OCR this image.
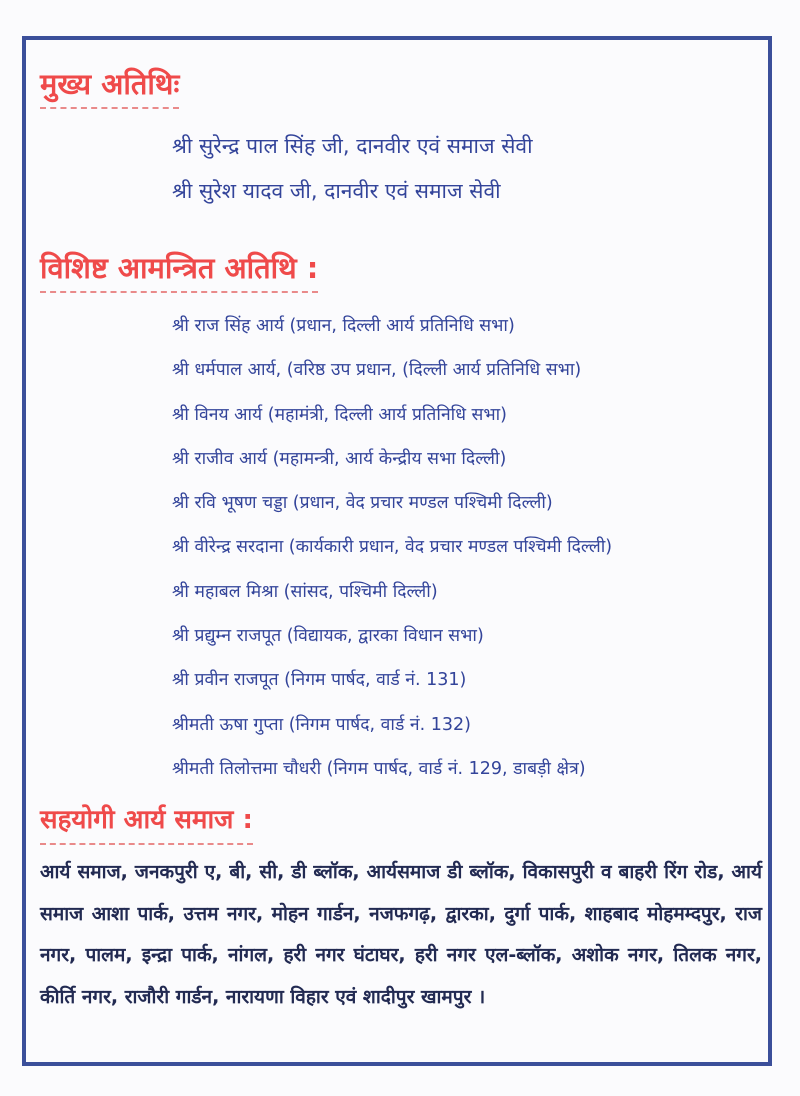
मुख्य अतिथिः
श्री सुरेन्द्र पाल सिंह जी, दानवीर एवं समाज सेवी
श्री सुरेश यादव जी, दानवीर एवं समाज सेवी
विशिष्ट आमन्त्रित अतिथि :
श्री राज सिंह आर्य (प्रधान, दिल्ली आर्य प्रतिनिधि सभा)
श्री धर्मपाल आर्य, (वरिष्ठ उप प्रधान, (दिल्ली आर्य प्रतिनिधि सभा)
श्री विनय आर्य (महामंत्री, दिल्ली आर्य प्रतिनिधि सभा)
श्री राजीव आर्य (महामन्त्री, आर्य केन्द्रीय सभा दिल्ली)
श्री रवि भूषण चड्डा (प्रधान, वेद प्रचार मण्डल पश्चिमी दिल्ली)
श्री वीरेन्द्र सरदाना (कार्यकारी प्रधान, वेद प्रचार मण्डल पश्चिमी दिल्ली)
श्री महाबल मिश्रा (सांसद, पश्चिमी दिल्ली)
श्री प्रद्युम्न राजपूत (विद्यायक, द्वारका विधान सभा)
श्री प्रवीन राजपूत (निगम पार्षद, वार्ड नं. 131)
श्रीमती ऊषा गुप्ता (निगम पार्षद, वार्ड नं. 132)
श्रीमती तिलोत्तमा चौधरी (निगम पार्षद, वार्ड नं. 129, डाबड़ी क्षेत्र)
सहयोगी आर्य समाज :

आर्य समाज, जनकपुरी ए, बी, सी, डी ब्लॉक, आर्यसमाज डी ब्लॉक, विकासपुरी व बाहरी रिंग रोड, आर्य समाज आशा पार्क, उत्तम नगर, मोहन गार्डन, नजफगढ़, द्वारका, दुर्गा पार्क, शाहबाद मोहमम्दपुर, राज नगर, पालम, इन्द्रा पार्क, नांगल, हरी नगर घंटाघर, हरी नगर एल-ब्लॉक, अशोक नगर, तिलक नगर, कीर्ति नगर, राजौरी गार्डन, नारायणा विहार एवं शादीपुर खामपुर ।
